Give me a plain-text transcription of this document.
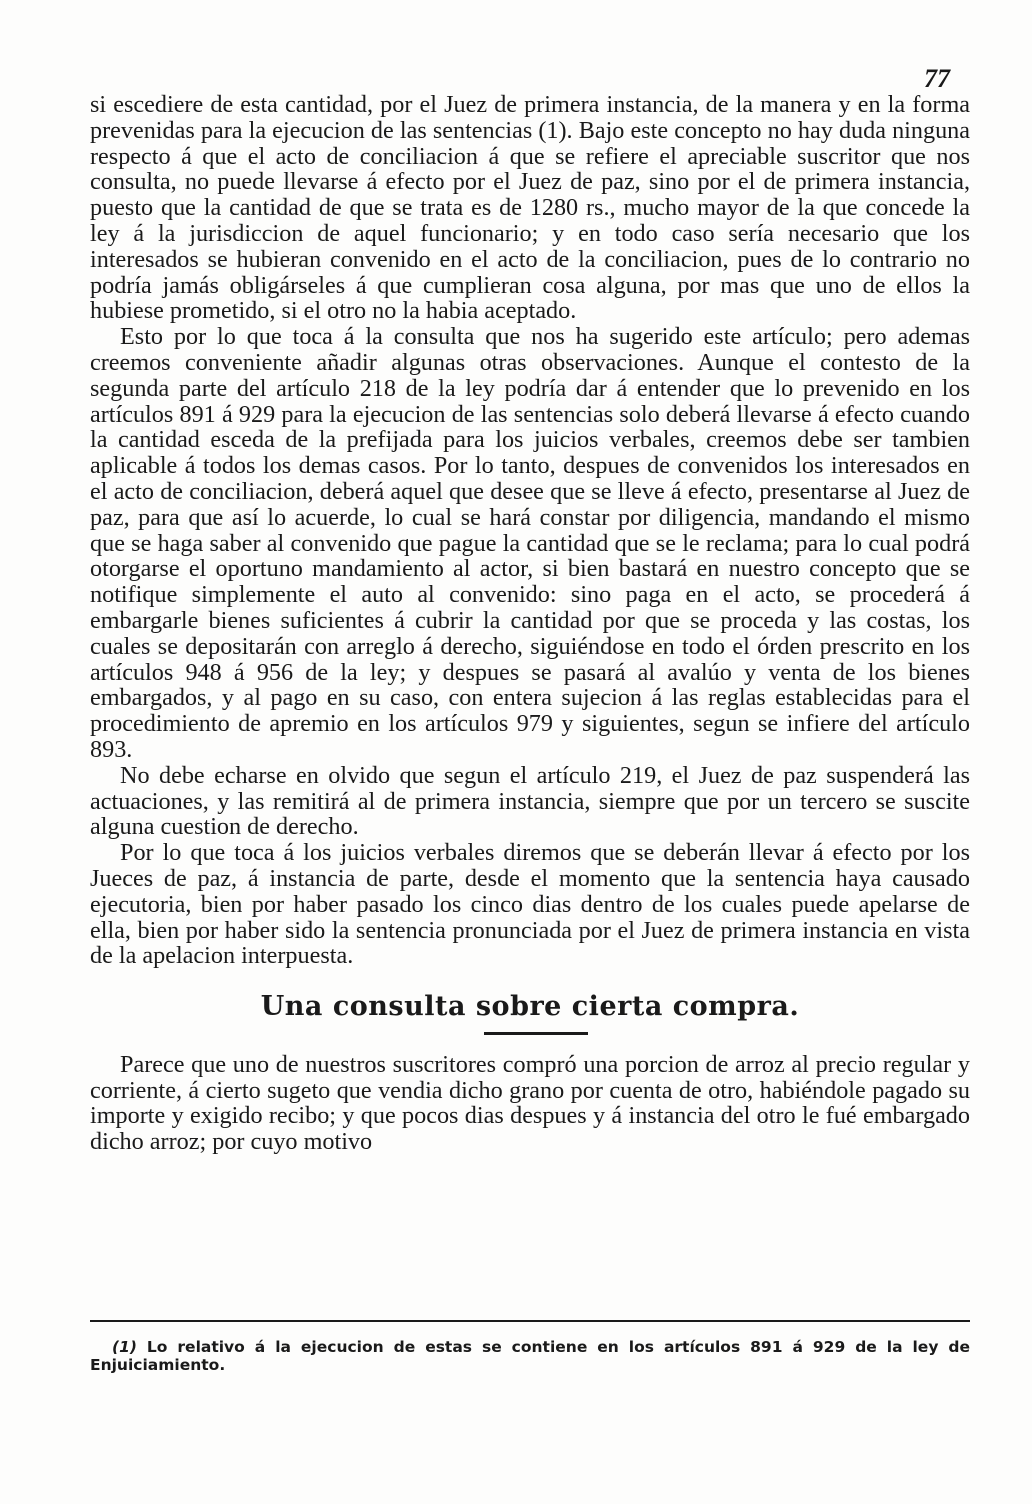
77

si escediere de esta cantidad, por el Juez de primera instancia, de la manera y en la forma prevenidas para la ejecucion de las sentencias (1). Bajo este concepto no hay duda ninguna respecto á que el acto de conciliacion á que se refiere el apreciable suscritor que nos consulta, no puede llevarse á efecto por el Juez de paz, sino por el de primera instancia, puesto que la cantidad de que se trata es de 1280 rs., mucho mayor de la que concede la ley á la jurisdiccion de aquel funcionario; y en todo caso sería necesario que los interesados se hubieran convenido en el acto de la conciliacion, pues de lo contrario no podría jamás obligárseles á que cumplieran cosa alguna, por mas que uno de ellos la hubiese prometido, si el otro no la habia aceptado.

Esto por lo que toca á la consulta que nos ha sugerido este artículo; pero ademas creemos conveniente añadir algunas otras observaciones. Aunque el contesto de la segunda parte del artículo 218 de la ley podría dar á entender que lo prevenido en los artículos 891 á 929 para la ejecucion de las sentencias solo deberá llevarse á efecto cuando la cantidad esceda de la prefijada para los juicios verbales, creemos debe ser tambien aplicable á todos los demas casos. Por lo tanto, despues de convenidos los interesados en el acto de conciliacion, deberá aquel que desee que se lleve á efecto, presentarse al Juez de paz, para que así lo acuerde, lo cual se hará constar por diligencia, mandando el mismo que se haga saber al convenido que pague la cantidad que se le reclama; para lo cual podrá otorgarse el oportuno mandamiento al actor, si bien bastará en nuestro concepto que se notifique simplemente el auto al convenido: sino paga en el acto, se procederá á embargarle bienes suficientes á cubrir la cantidad por que se proceda y las costas, los cuales se depositarán con arreglo á derecho, siguiéndose en todo el órden prescrito en los artículos 948 á 956 de la ley; y despues se pasará al avalúo y venta de los bienes embargados, y al pago en su caso, con entera sujecion á las reglas establecidas para el procedimiento de apremio en los artículos 979 y siguientes, segun se infiere del artículo 893.

No debe echarse en olvido que segun el artículo 219, el Juez de paz suspenderá las actuaciones, y las remitirá al de primera instancia, siempre que por un tercero se suscite alguna cuestion de derecho.

Por lo que toca á los juicios verbales diremos que se deberán llevar á efecto por los Jueces de paz, á instancia de parte, desde el momento que la sentencia haya causado ejecutoria, bien por haber pasado los cinco dias dentro de los cuales puede apelarse de ella, bien por haber sido la sentencia pronunciada por el Juez de primera instancia en vista de la apelacion interpuesta.

Una consulta sobre cierta compra.

Parece que uno de nuestros suscritores compró una porcion de arroz al precio regular y corriente, á cierto sugeto que vendia dicho grano por cuenta de otro, habiéndole pagado su importe y exigido recibo; y que pocos dias despues y á instancia del otro le fué embargado dicho arroz; por cuyo motivo

(1) Lo relativo á la ejecucion de estas se contiene en los artículos 891 á 929 de la ley de Enjuiciamiento.
